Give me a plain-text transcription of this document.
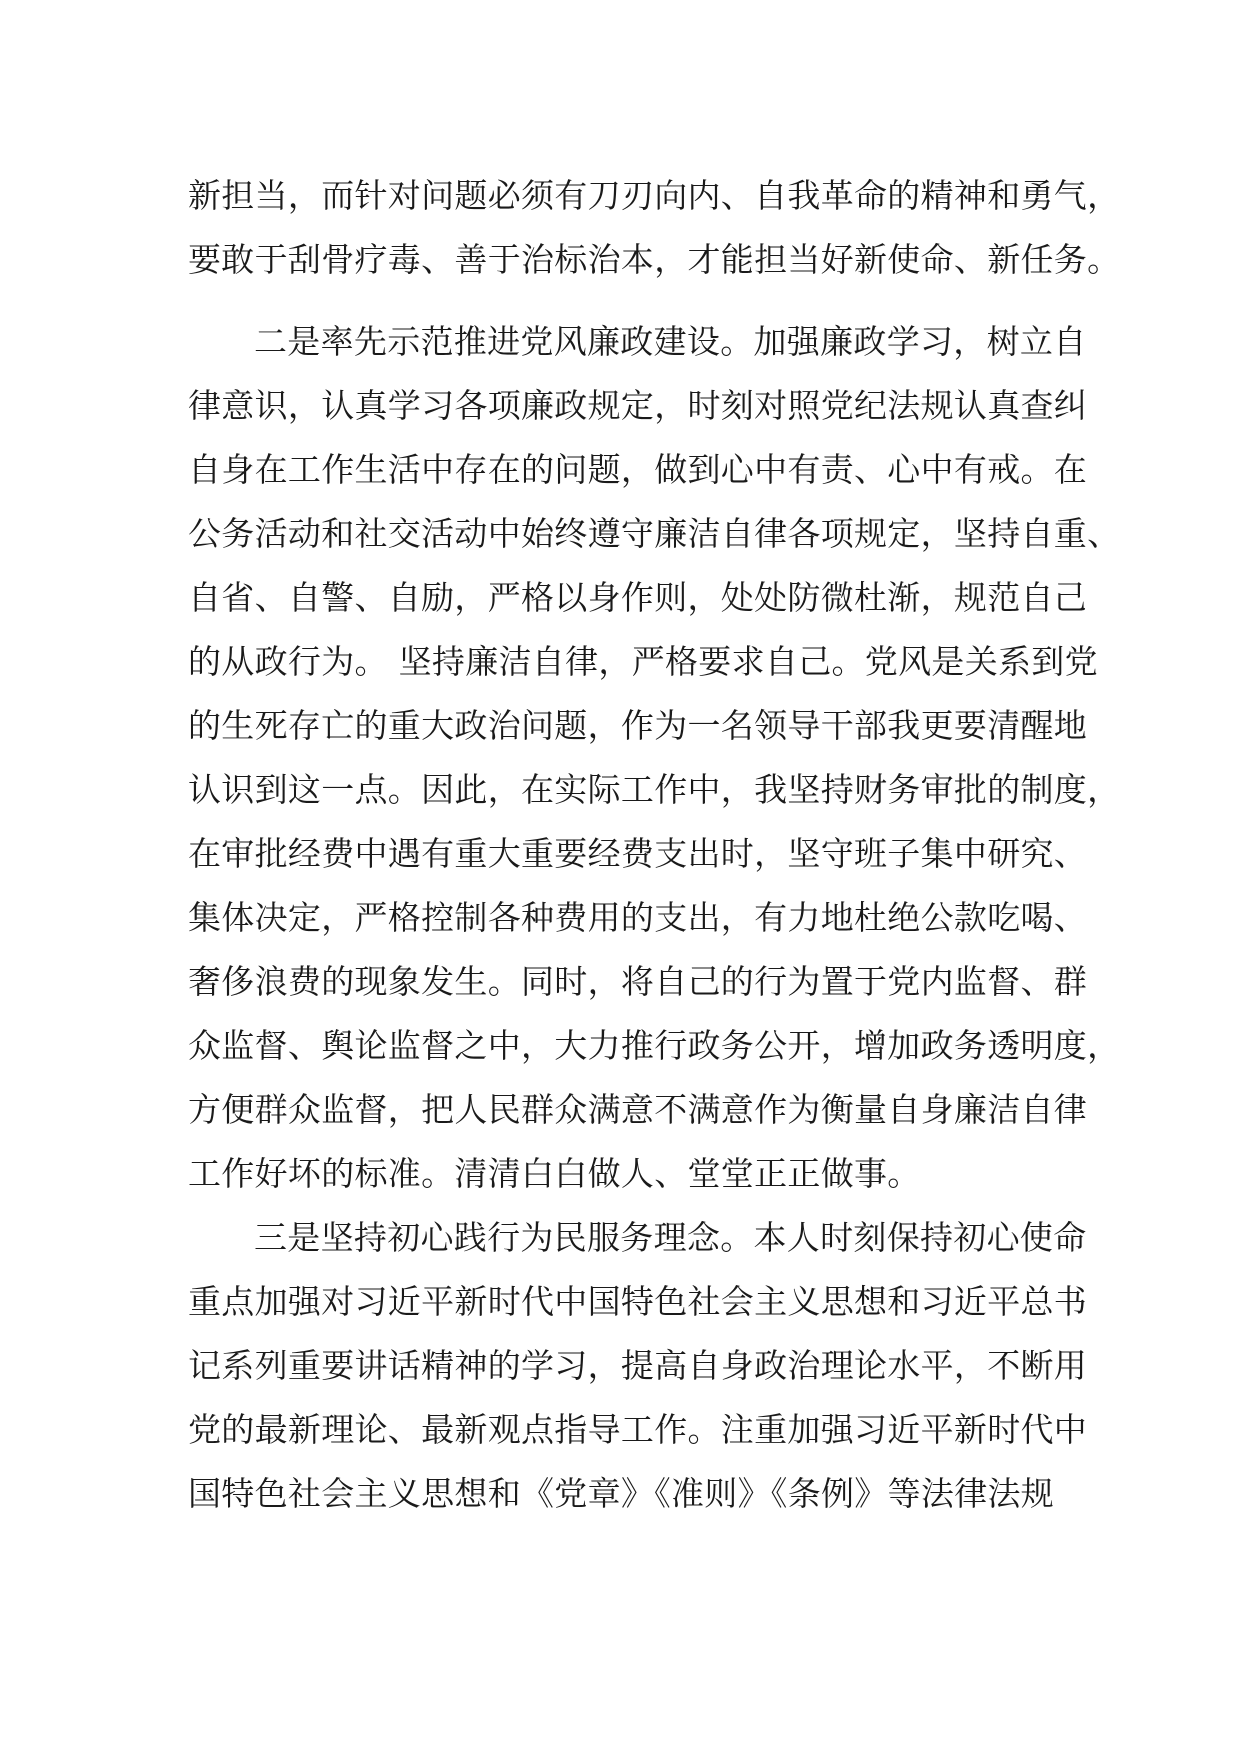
新担当，而针对问题必须有刀刃向内、自我革命的精神和勇气，
要敢于刮骨疗毒、善于治标治本，才能担当好新使命、新任务。
二是率先示范推进党风廉政建设。加强廉政学习，树立自
律意识，认真学习各项廉政规定，时刻对照党纪法规认真查纠
自身在工作生活中存在的问题，做到心中有责、心中有戒。在
公务活动和社交活动中始终遵守廉洁自律各项规定，坚持自重、
自省、自警、自励，严格以身作则，处处防微杜渐，规范自己
的从政行为。 坚持廉洁自律，严格要求自己。党风是关系到党
的生死存亡的重大政治问题，作为一名领导干部我更要清醒地
认识到这一点。因此，在实际工作中，我坚持财务审批的制度，
在审批经费中遇有重大重要经费支出时，坚守班子集中研究、
集体决定，严格控制各种费用的支出，有力地杜绝公款吃喝、
奢侈浪费的现象发生。同时，将自己的行为置于党内监督、群
众监督、舆论监督之中，大力推行政务公开，增加政务透明度，
方便群众监督，把人民群众满意不满意作为衡量自身廉洁自律
工作好坏的标准。清清白白做人、堂堂正正做事。
三是坚持初心践行为民服务理念。本人时刻保持初心使命
重点加强对习近平新时代中国特色社会主义思想和习近平总书
记系列重要讲话精神的学习，提高自身政治理论水平，不断用
党的最新理论、最新观点指导工作。注重加强习近平新时代中
国特色社会主义思想和《党章》《准则》《条例》等法律法规
